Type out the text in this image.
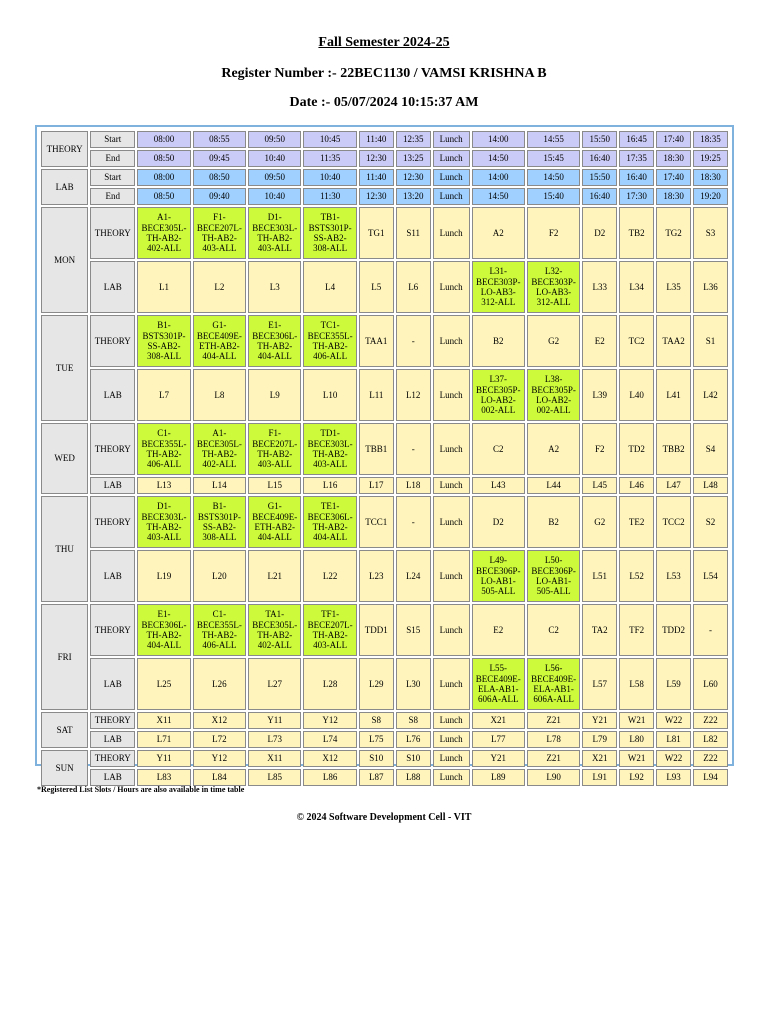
Fall Semester 2024-25
Register Number :- 22BEC1130 / VAMSI KRISHNA B
Date :- 05/07/2024 10:15:37 AM
THEORY	Start	08:00	08:55	09:50	10:45	11:40	12:35	Lunch	14:00	14:55	15:50	16:45	17:40	18:35
	End	08:50	09:45	10:40	11:35	12:30	13:25	Lunch	14:50	15:45	16:40	17:35	18:30	19:25
LAB	Start	08:00	08:50	09:50	10:40	11:40	12:30	Lunch	14:00	14:50	15:50	16:40	17:40	18:30
	End	08:50	09:40	10:40	11:30	12:30	13:20	Lunch	14:50	15:40	16:40	17:30	18:30	19:20
MON	THEORY	A1-
BECE305L-
TH-AB2-
402-ALL	F1-
BECE207L-
TH-AB2-
403-ALL	D1-
BECE303L-
TH-AB2-
403-ALL	TB1-
BSTS301P-
SS-AB2-
308-ALL	TG1	S11	Lunch	A2	F2	D2	TB2	TG2	S3
	LAB	L1	L2	L3	L4	L5	L6	Lunch	L31-
BECE303P-
LO-AB3-
312-ALL	L32-
BECE303P-
LO-AB3-
312-ALL	L33	L34	L35	L36
TUE	THEORY	B1-
BSTS301P-
SS-AB2-
308-ALL	G1-
BECE409E-
ETH-AB2-
404-ALL	E1-
BECE306L-
TH-AB2-
404-ALL	TC1-
BECE355L-
TH-AB2-
406-ALL	TAA1	-	Lunch	B2	G2	E2	TC2	TAA2	S1
	LAB	L7	L8	L9	L10	L11	L12	Lunch	L37-
BECE305P-
LO-AB2-
002-ALL	L38-
BECE305P-
LO-AB2-
002-ALL	L39	L40	L41	L42
WED	THEORY	C1-
BECE355L-
TH-AB2-
406-ALL	A1-
BECE305L-
TH-AB2-
402-ALL	F1-
BECE207L-
TH-AB2-
403-ALL	TD1-
BECE303L-
TH-AB2-
403-ALL	TBB1	-	Lunch	C2	A2	F2	TD2	TBB2	S4
	LAB	L13	L14	L15	L16	L17	L18	Lunch	L43	L44	L45	L46	L47	L48
THU	THEORY	D1-
BECE303L-
TH-AB2-
403-ALL	B1-
BSTS301P-
SS-AB2-
308-ALL	G1-
BECE409E-
ETH-AB2-
404-ALL	TE1-
BECE306L-
TH-AB2-
404-ALL	TCC1	-	Lunch	D2	B2	G2	TE2	TCC2	S2
	LAB	L19	L20	L21	L22	L23	L24	Lunch	L49-
BECE306P-
LO-AB1-
505-ALL	L50-
BECE306P-
LO-AB1-
505-ALL	L51	L52	L53	L54
FRI	THEORY	E1-
BECE306L-
TH-AB2-
404-ALL	C1-
BECE355L-
TH-AB2-
406-ALL	TA1-
BECE305L-
TH-AB2-
402-ALL	TF1-
BECE207L-
TH-AB2-
403-ALL	TDD1	S15	Lunch	E2	C2	TA2	TF2	TDD2	-
	LAB	L25	L26	L27	L28	L29	L30	Lunch	L55-
BECE409E-
ELA-AB1-
606A-ALL	L56-
BECE409E-
ELA-AB1-
606A-ALL	L57	L58	L59	L60
SAT	THEORY	X11	X12	Y11	Y12	S8	S8	Lunch	X21	Z21	Y21	W21	W22	Z22
	LAB	L71	L72	L73	L74	L75	L76	Lunch	L77	L78	L79	L80	L81	L82
SUN	THEORY	Y11	Y12	X11	X12	S10	S10	Lunch	Y21	Z21	X21	W21	W22	Z22
	LAB	L83	L84	L85	L86	L87	L88	Lunch	L89	L90	L91	L92	L93	L94
*Registered List Slots / Hours are also available in time table
© 2024 Software Development Cell - VIT
